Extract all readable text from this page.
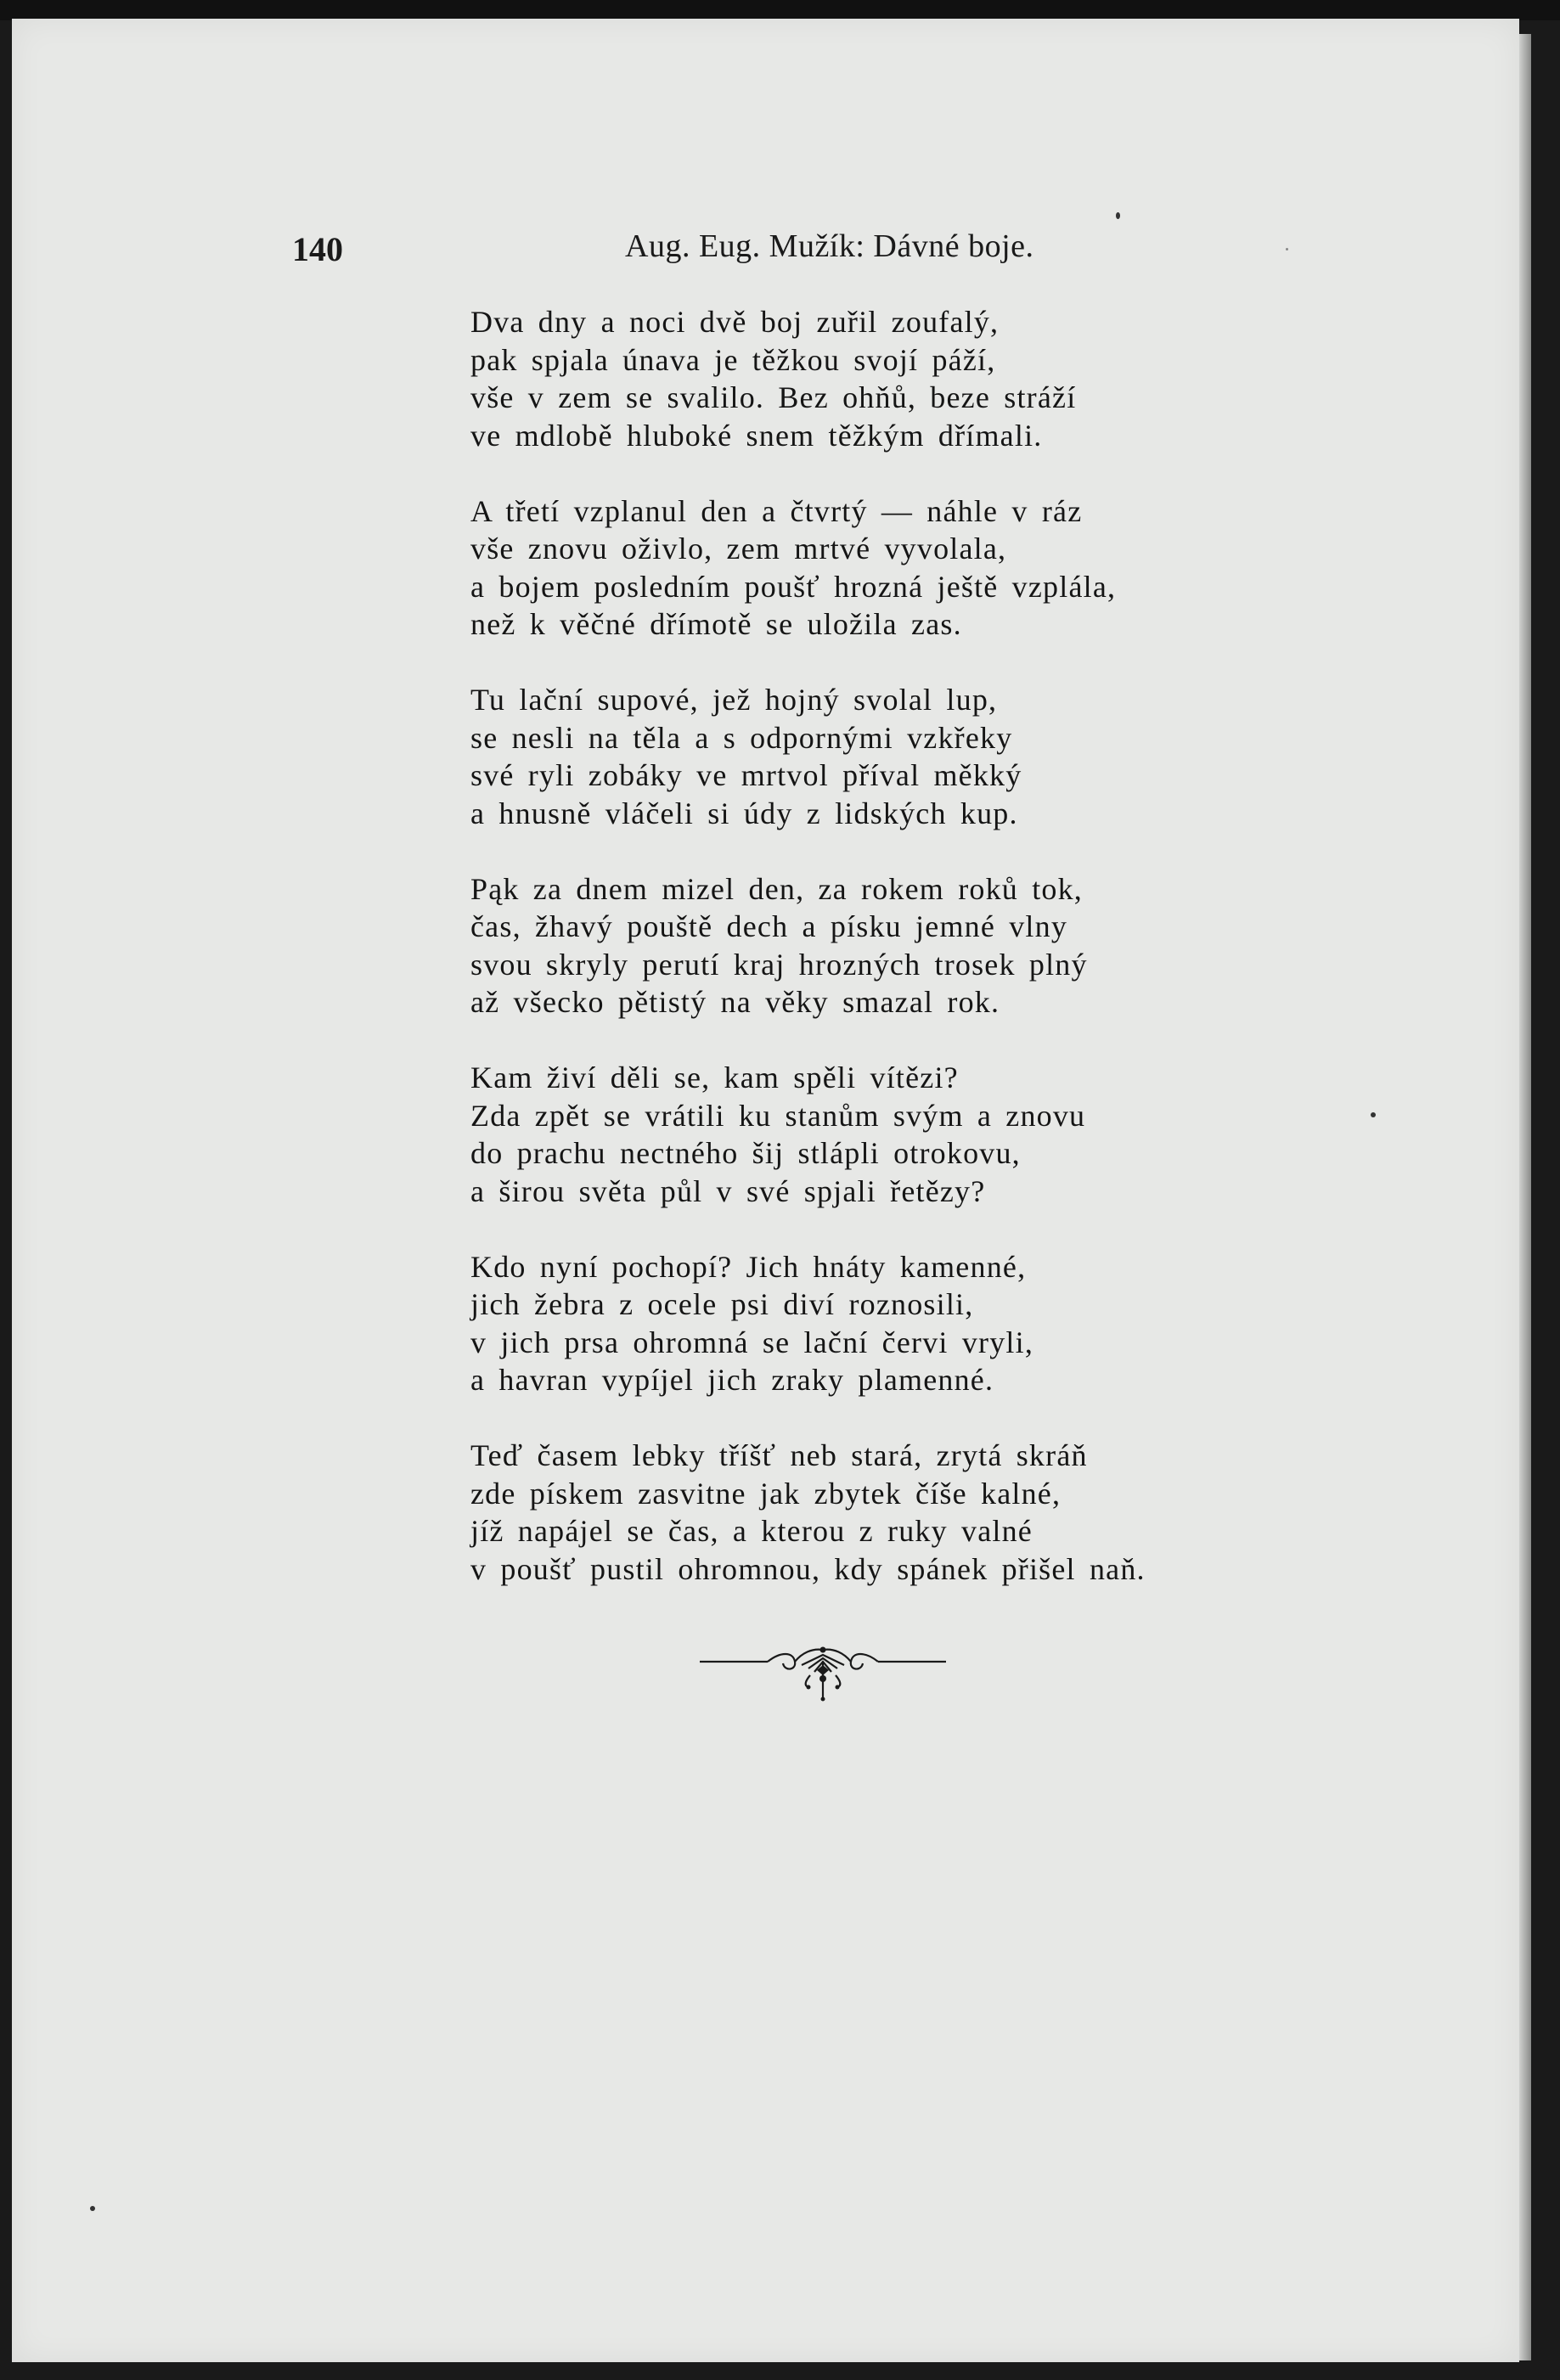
140	Aug. Eug. Mužík: Dávné boje.
Dva dny a noci dvě boj zuřil zoufalý,
pak spjala únava je těžkou svojí páží,
vše v zem se svalilo. Bez ohňů, beze stráží
ve mdlobě hluboké snem těžkým dřímali.
A třetí vzplanul den a čtvrtý — náhle v ráz
vše znovu oživlo, zem mrtvé vyvolala,
a bojem posledním poušť hrozná ještě vzplála,
než k věčné dřímotě se uložila zas.
Tu lační supové, jež hojný svolal lup,
se nesli na těla a s odpornými vzkřeky
své ryli zobáky ve mrtvol příval měkký
a hnusně vláčeli si údy z lidských kup.
Pąk za dnem mizel den, za rokem roků tok,
čas, žhavý pouště dech a písku jemné vlny
svou skryly perutí kraj hrozných trosek plný
až všecko pětistý na věky smazal rok.
Kam živí děli se, kam spěli vítězi?
Zda zpět se vrátili ku stanům svým a znovu
do prachu nectného šij stlápli otrokovu,
a širou světa půl v své spjali řetězy?
Kdo nyní pochopí? Jich hnáty kamenné,
jich žebra z ocele psi diví roznosili,
v jich prsa ohromná se lační červi vryli,
a havran vypíjel jich zraky plamenné.
Teď časem lebky tříšť neb stará, zrytá skráň
zde pískem zasvitne jak zbytek číše kalné,
jíž napájel se čas, a kterou z ruky valné
v poušť pustil ohromnou, kdy spánek přišel naň.
